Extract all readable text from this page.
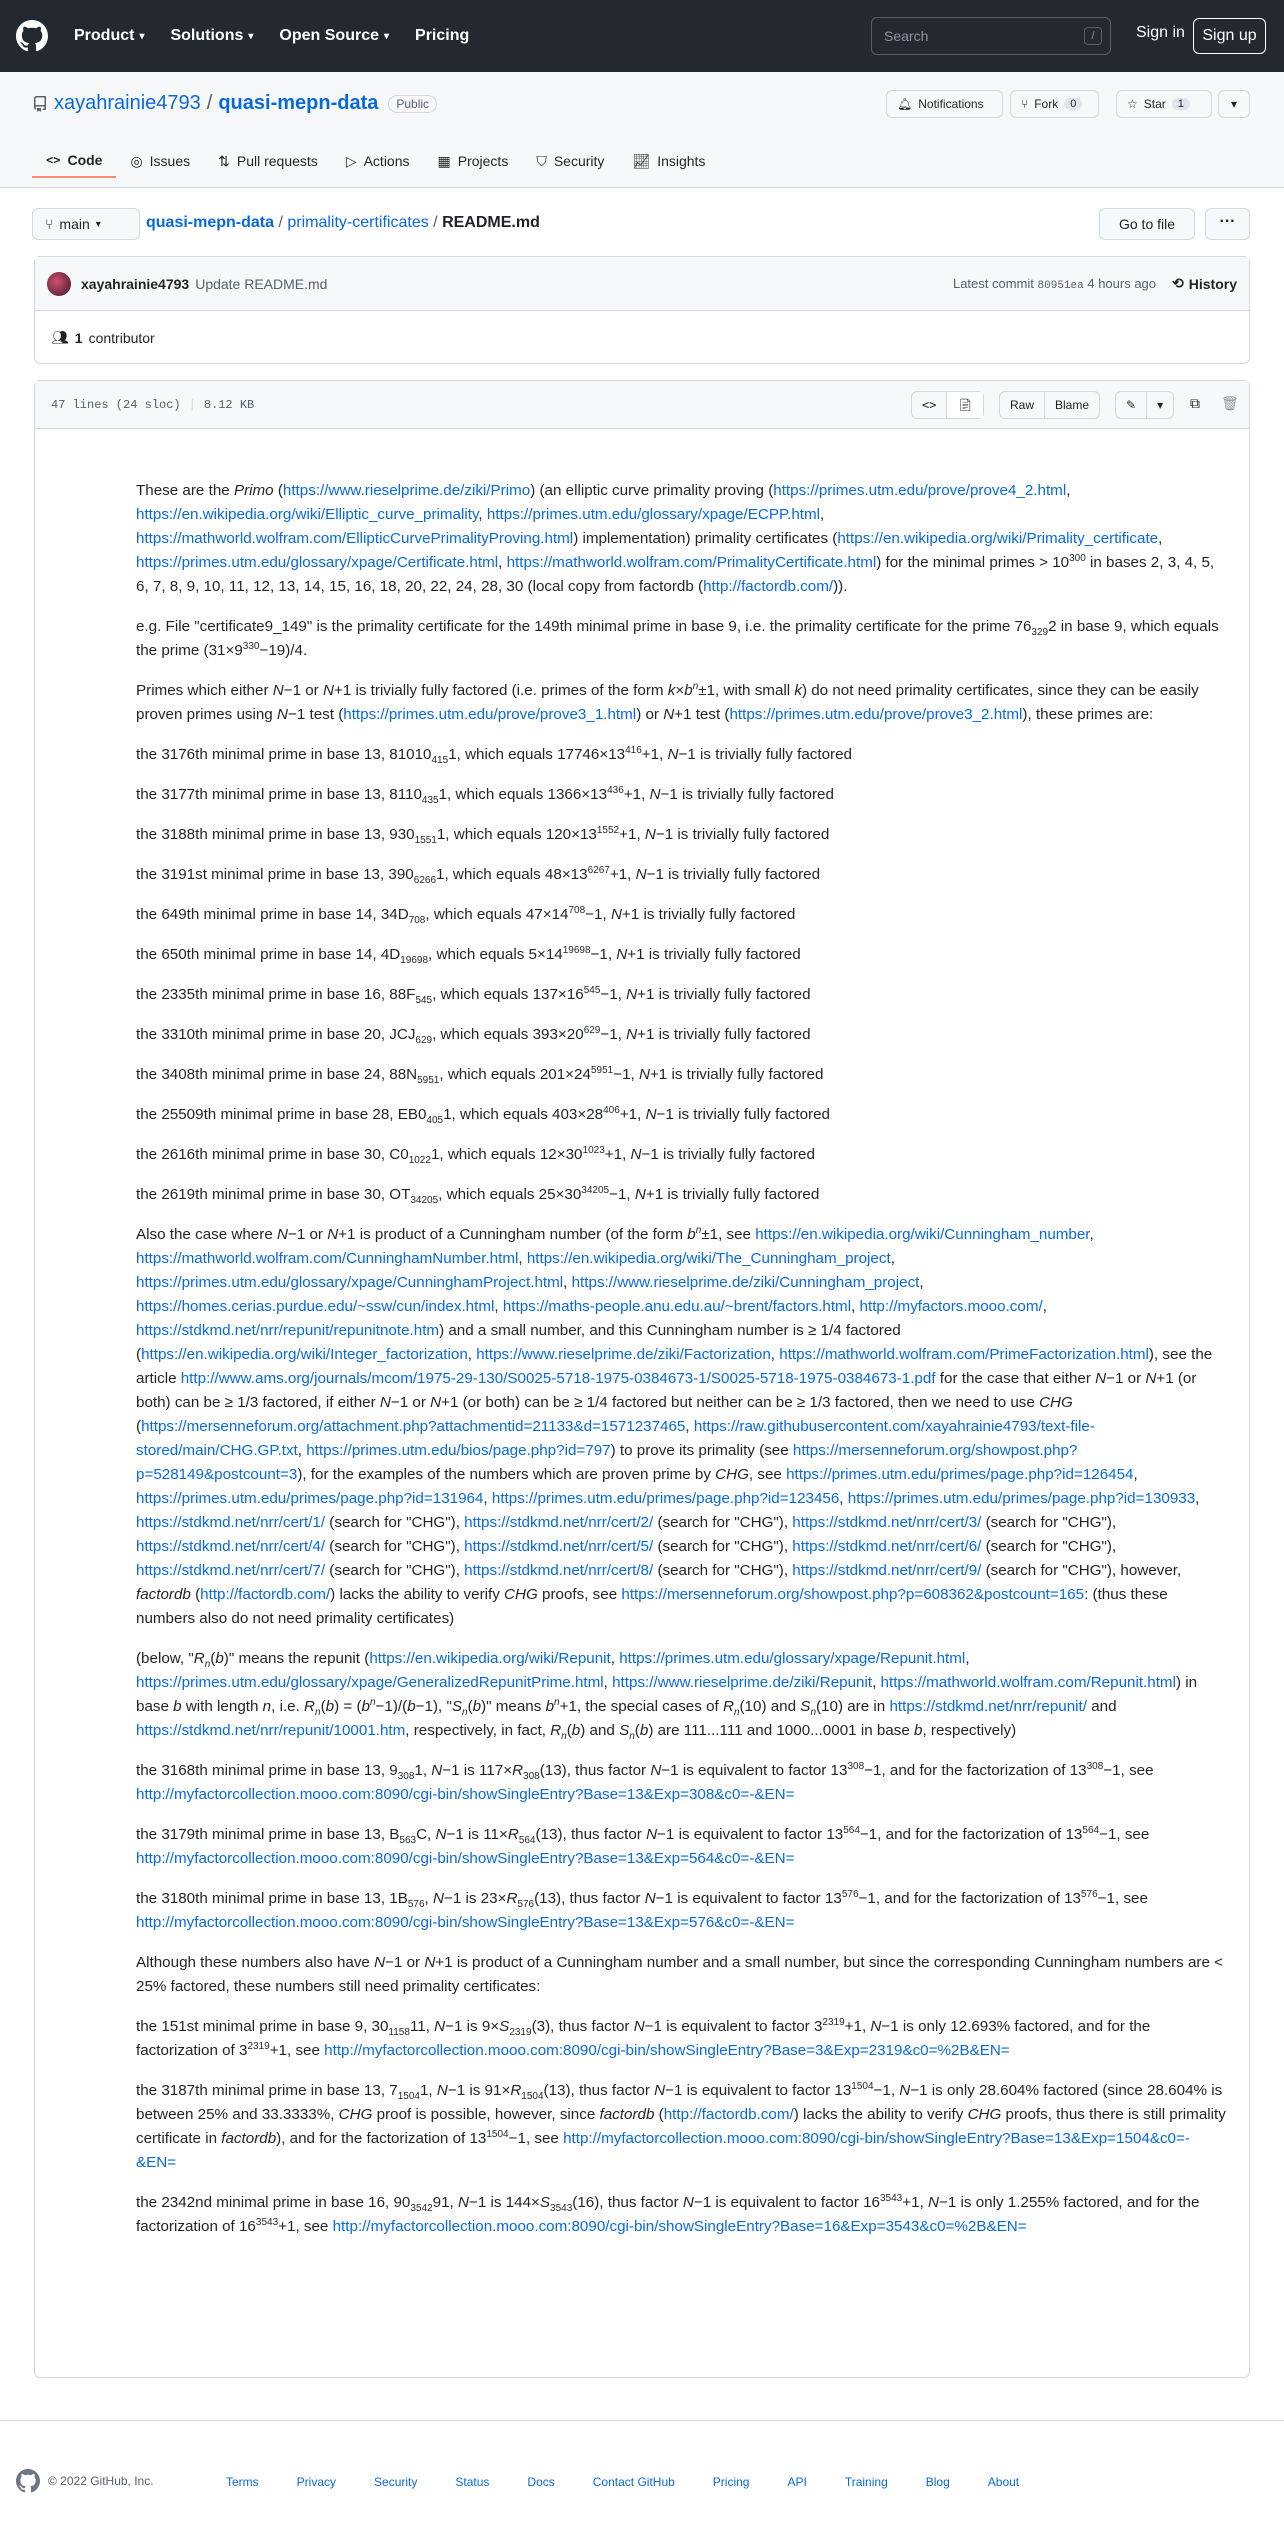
Product ▾ Solutions ▾ Open Source ▾ Pricing	Search	/	Sign in	Sign up
xayahrainie4793 / quasi-mepn-data	Public	🔔︎ Notifications	⑂ Fork	0	☆ Star	1	▾
<> Code ◎ Issues ⇅ Pull requests ▷ Actions ▦ Projects ⛉ Security 📈︎ Insights
⑂ main ▾	quasi-mepn-data / primality-certificates / README.md	Go to file	···
xayahrainie4793 Update README.md	Latest commit 80951ea 4 hours ago ⟲ History
👥︎ 1 contributor
47 lines (24 sloc) | 8.12 KB	<>	📄︎	Raw	Blame	✎	▾	⧉ 🗑︎

These are the Primo (https://www.rieselprime.de/ziki/Primo) (an elliptic curve primality proving (https://primes.utm.edu/prove/prove4_2.html, https://en.wikipedia.org/wiki/Elliptic_curve_primality, https://primes.utm.edu/glossary/xpage/ECPP.html, https://mathworld.wolfram.com/EllipticCurvePrimalityProving.html) implementation) primality certificates (https://en.wikipedia.org/wiki/Primality_certificate, https://primes.utm.edu/glossary/xpage/Certificate.html, https://mathworld.wolfram.com/PrimalityCertificate.html) for the minimal primes > $10^{300}$ in bases 2, 3, 4, 5, 6, 7, 8, 9, 10, 11, 12, 13, 14, 15, 16, 18, 20, 22, 24, 28, 30 (local copy from factordb (http://factordb.com/)).

e.g. File "certificate9_149" is the primality certificate for the 149th minimal prime in base 9, i.e. the primality certificate for the prime $76_{329}2$ in base 9, which equals the prime $(31\times 9^{330}-19)/4$.

Primes which either N−1 or N+1 is trivially fully factored (i.e. primes of the form $k\times b^n\pm 1$, with small k) do not need primality certificates, since they can be easily proven primes using N−1 test (https://primes.utm.edu/prove/prove3_1.html) or N+1 test (https://primes.utm.edu/prove/prove3_2.html), these primes are:

the 3176th minimal prime in base 13, $81010_{415}1$, which equals $17746\times 13^{416}+1$, N−1 is trivially fully factored

the 3177th minimal prime in base 13, $8110_{435}1$, which equals $1366\times 13^{436}+1$, N−1 is trivially fully factored

the 3188th minimal prime in base 13, $930_{1551}1$, which equals $120\times 13^{1552}+1$, N−1 is trivially fully factored

the 3191st minimal prime in base 13, $390_{6266}1$, which equals $48\times 13^{6267}+1$, N−1 is trivially fully factored

the 649th minimal prime in base 14, $34D_{708}$, which equals $47\times 14^{708}-1$, N+1 is trivially fully factored

the 650th minimal prime in base 14, $4D_{19698}$, which equals $5\times 14^{19698}-1$, N+1 is trivially fully factored

the 2335th minimal prime in base 16, $88F_{545}$, which equals $137\times 16^{545}-1$, N+1 is trivially fully factored

the 3310th minimal prime in base 20, $JCJ_{629}$, which equals $393\times 20^{629}-1$, N+1 is trivially fully factored

the 3408th minimal prime in base 24, $88N_{5951}$, which equals $201\times 24^{5951}-1$, N+1 is trivially fully factored

the 25509th minimal prime in base 28, $EB0_{405}1$, which equals $403\times 28^{406}+1$, N−1 is trivially fully factored

the 2616th minimal prime in base 30, $C0_{1022}1$, which equals $12\times 30^{1023}+1$, N−1 is trivially fully factored

the 2619th minimal prime in base 30, $OT_{34205}$, which equals $25\times 30^{34205}-1$, N+1 is trivially fully factored

Also the case where N−1 or N+1 is product of a Cunningham number (of the form $b^n\pm 1$, see https://en.wikipedia.org/wiki/Cunningham_number, https://mathworld.wolfram.com/CunninghamNumber.html, https://en.wikipedia.org/wiki/The_Cunningham_project, https://primes.utm.edu/glossary/xpage/CunninghamProject.html, https://www.rieselprime.de/ziki/Cunningham_project, https://homes.cerias.purdue.edu/~ssw/cun/index.html, https://maths-people.anu.edu.au/~brent/factors.html, http://myfactors.mooo.com/, https://stdkmd.net/nrr/repunit/repunitnote.htm) and a small number, and this Cunningham number is ≥ 1/4 factored (https://en.wikipedia.org/wiki/Integer_factorization, https://www.rieselprime.de/ziki/Factorization, https://mathworld.wolfram.com/PrimeFactorization.html), see the article http://www.ams.org/journals/mcom/1975-29-130/S0025-5718-1975-0384673-1/S0025-5718-1975-0384673-1.pdf for the case that either N−1 or N+1 (or both) can be ≥ 1/3 factored, if either N−1 or N+1 (or both) can be ≥ 1/4 factored but neither can be ≥ 1/3 factored, then we need to use CHG (https://mersenneforum.org/attachment.php?attachmentid=21133&d=1571237465, https://raw.githubusercontent.com/xayahrainie4793/text-file-stored/main/CHG.GP.txt, https://primes.utm.edu/bios/page.php?id=797) to prove its primality (see https://mersenneforum.org/showpost.php?p=528149&postcount=3), for the examples of the numbers which are proven prime by CHG, see https://primes.utm.edu/primes/page.php?id=126454, https://primes.utm.edu/primes/page.php?id=131964, https://primes.utm.edu/primes/page.php?id=123456, https://primes.utm.edu/primes/page.php?id=130933, https://stdkmd.net/nrr/cert/1/ (search for "CHG"), https://stdkmd.net/nrr/cert/2/ (search for "CHG"), https://stdkmd.net/nrr/cert/3/ (search for "CHG"), https://stdkmd.net/nrr/cert/4/ (search for "CHG"), https://stdkmd.net/nrr/cert/5/ (search for "CHG"), https://stdkmd.net/nrr/cert/6/ (search for "CHG"), https://stdkmd.net/nrr/cert/7/ (search for "CHG"), https://stdkmd.net/nrr/cert/8/ (search for "CHG"), https://stdkmd.net/nrr/cert/9/ (search for "CHG"), however, factordb (http://factordb.com/) lacks the ability to verify CHG proofs, see https://mersenneforum.org/showpost.php?p=608362&postcount=165: (thus these numbers also do not need primality certificates)

(below, "$R_n(b)$" means the repunit (https://en.wikipedia.org/wiki/Repunit, https://primes.utm.edu/glossary/xpage/Repunit.html, https://primes.utm.edu/glossary/xpage/GeneralizedRepunitPrime.html, https://www.rieselprime.de/ziki/Repunit, https://mathworld.wolfram.com/Repunit.html) in base b with length n, i.e. $R_n(b) = (b^n-1)/(b-1)$, "$S_n(b)$" means $b^n+1$, the special cases of $R_n(10)$ and $S_n(10)$ are in https://stdkmd.net/nrr/repunit/ and https://stdkmd.net/nrr/repunit/10001.htm, respectively, in fact, $R_n(b)$ and $S_n(b)$ are 111...111 and 1000...0001 in base b, respectively)

the 3168th minimal prime in base 13, $9_{308}1$, N−1 is $117\times R_{308}(13)$, thus factor N−1 is equivalent to factor $13^{308}-1$, and for the factorization of $13^{308}-1$, see http://myfactorcollection.mooo.com:8090/cgi-bin/showSingleEntry?Base=13&Exp=308&c0=-&EN=

the 3179th minimal prime in base 13, $B_{563}C$, N−1 is $11\times R_{564}(13)$, thus factor N−1 is equivalent to factor $13^{564}-1$, and for the factorization of $13^{564}-1$, see http://myfactorcollection.mooo.com:8090/cgi-bin/showSingleEntry?Base=13&Exp=564&c0=-&EN=

the 3180th minimal prime in base 13, $1B_{576}$, N−1 is $23\times R_{576}(13)$, thus factor N−1 is equivalent to factor $13^{576}-1$, and for the factorization of $13^{576}-1$, see http://myfactorcollection.mooo.com:8090/cgi-bin/showSingleEntry?Base=13&Exp=576&c0=-&EN=

Although these numbers also have N−1 or N+1 is product of a Cunningham number and a small number, but since the corresponding Cunningham numbers are < 25% factored, these numbers still need primality certificates:

the 151st minimal prime in base 9, $30_{1158}11$, N−1 is $9\times S_{2319}(3)$, thus factor N−1 is equivalent to factor $3^{2319}+1$, N−1 is only 12.693% factored, and for the factorization of $3^{2319}+1$, see http://myfactorcollection.mooo.com:8090/cgi-bin/showSingleEntry?Base=3&Exp=2319&c0=%2B&EN=

the 3187th minimal prime in base 13, $7_{1504}1$, N−1 is $91\times R_{1504}(13)$, thus factor N−1 is equivalent to factor $13^{1504}-1$, N−1 is only 28.604% factored (since 28.604% is between 25% and 33.3333%, CHG proof is possible, however, since factordb (http://factordb.com/) lacks the ability to verify CHG proofs, thus there is still primality certificate in factordb), and for the factorization of $13^{1504}-1$, see http://myfactorcollection.mooo.com:8090/cgi-bin/showSingleEntry?Base=13&Exp=1504&c0=-&EN=

the 2342nd minimal prime in base 16, $90_{3542}91$, N−1 is $144\times S_{3543}(16)$, thus factor N−1 is equivalent to factor $16^{3543}+1$, N−1 is only 1.255% factored, and for the factorization of $16^{3543}+1$, see http://myfactorcollection.mooo.com:8090/cgi-bin/showSingleEntry?Base=16&Exp=3543&c0=%2B&EN=

© 2022 GitHub, Inc.	Terms	Privacy	Security	Status	Docs	Contact GitHub	Pricing	API	Training	Blog	About
